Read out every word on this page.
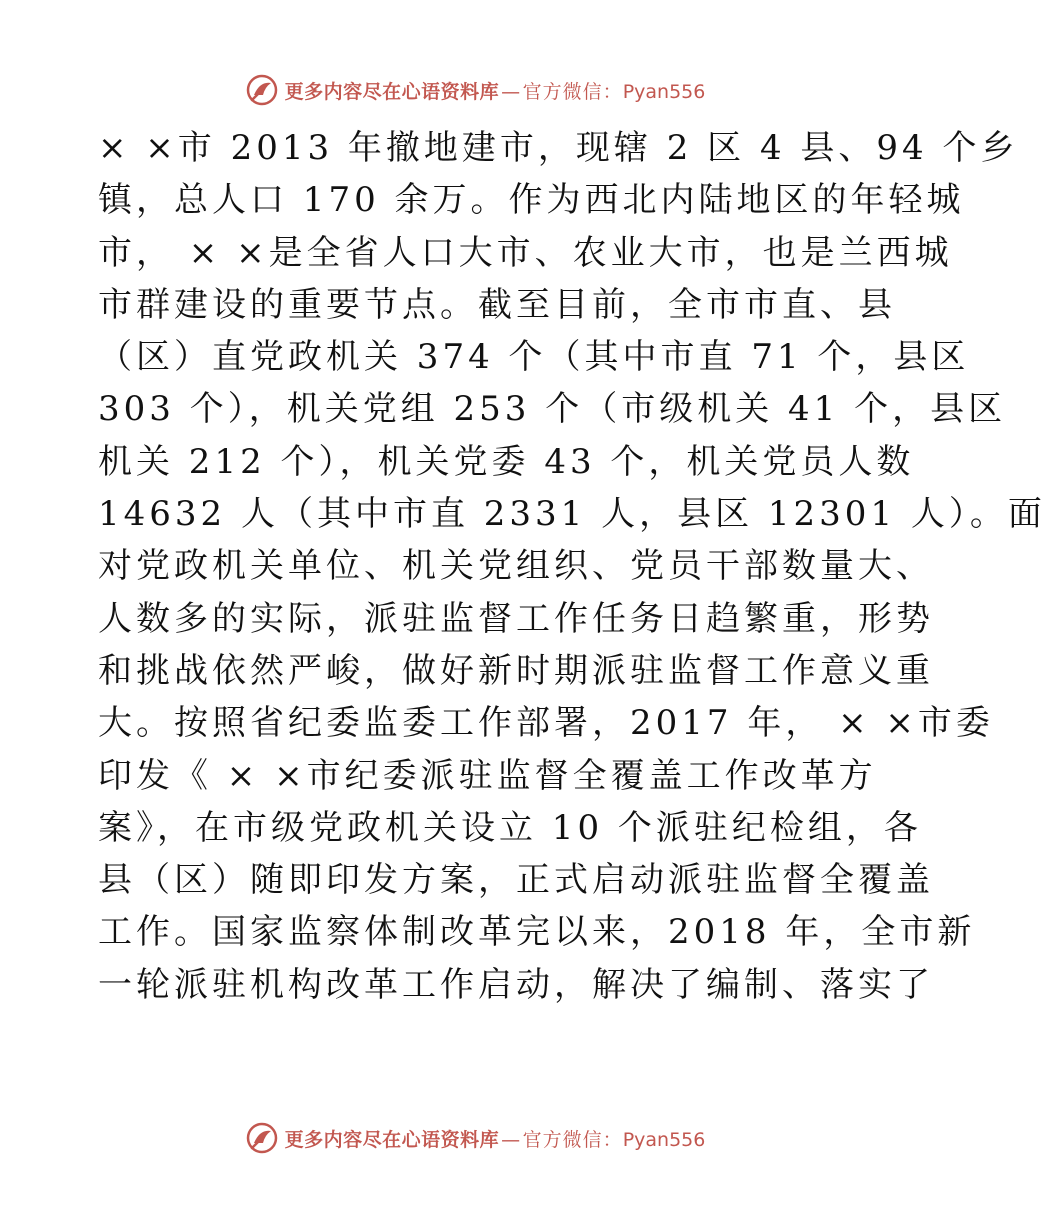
更多内容尽在心语资料库 — 官方微信：Pyan556
× ×市 2013 年撤地建市，现辖 2 区 4 县、94 个乡
镇，总人口 170 余万。作为西北内陆地区的年轻城
市， × ×是全省人口大市、农业大市，也是兰西城
市群建设的重要节点。截至目前，全市市直、县
（区）直党政机关 374 个（其中市直 71 个，县区
303 个），机关党组 253 个（市级机关 41 个，县区
机关 212 个），机关党委 43 个，机关党员人数
14632 人（其中市直 2331 人，县区 12301 人）。面
对党政机关单位、机关党组织、党员干部数量大、
人数多的实际，派驻监督工作任务日趋繁重，形势
和挑战依然严峻，做好新时期派驻监督工作意义重
大。按照省纪委监委工作部署，2017 年， × ×市委
印发《 × ×市纪委派驻监督全覆盖工作改革方
案》，在市级党政机关设立 10 个派驻纪检组，各
县（区）随即印发方案，正式启动派驻监督全覆盖
工作。国家监察体制改革完以来，2018 年，全市新
一轮派驻机构改革工作启动，解决了编制、落实了
更多内容尽在心语资料库 — 官方微信：Pyan556
